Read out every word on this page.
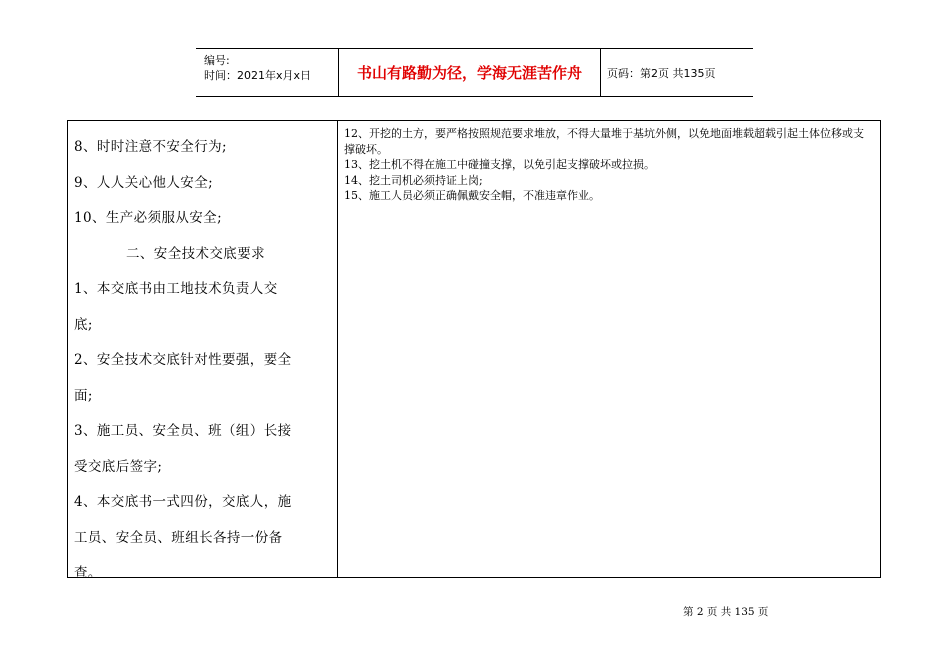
编号:
时间：2021年x月x日	书山有路勤为径，学海无涯苦作舟	页码：第2页 共135页
8、时时注意不安全行为;
9、人人关心他人安全;
10、生产必须服从安全;
二、安全技术交底要求
1、本交底书由工地技术负责人交
底;
2、安全技术交底针对性要强，要全
面;
3、施工员、安全员、班（组）长接
受交底后签字;
4、本交底书一式四份，交底人，施
工员、安全员、班组长各持一份备
查。
12、开挖的土方，要严格按照规范要求堆放，不得大量堆于基坑外侧，以免地面堆载超载引起土体位移或支撑破坏。
13、挖土机不得在施工中碰撞支撑，以免引起支撑破坏或拉损。
14、挖土司机必须持证上岗;
15、施工人员必须正确佩戴安全帽，不准违章作业。
第 2 页 共 135 页
